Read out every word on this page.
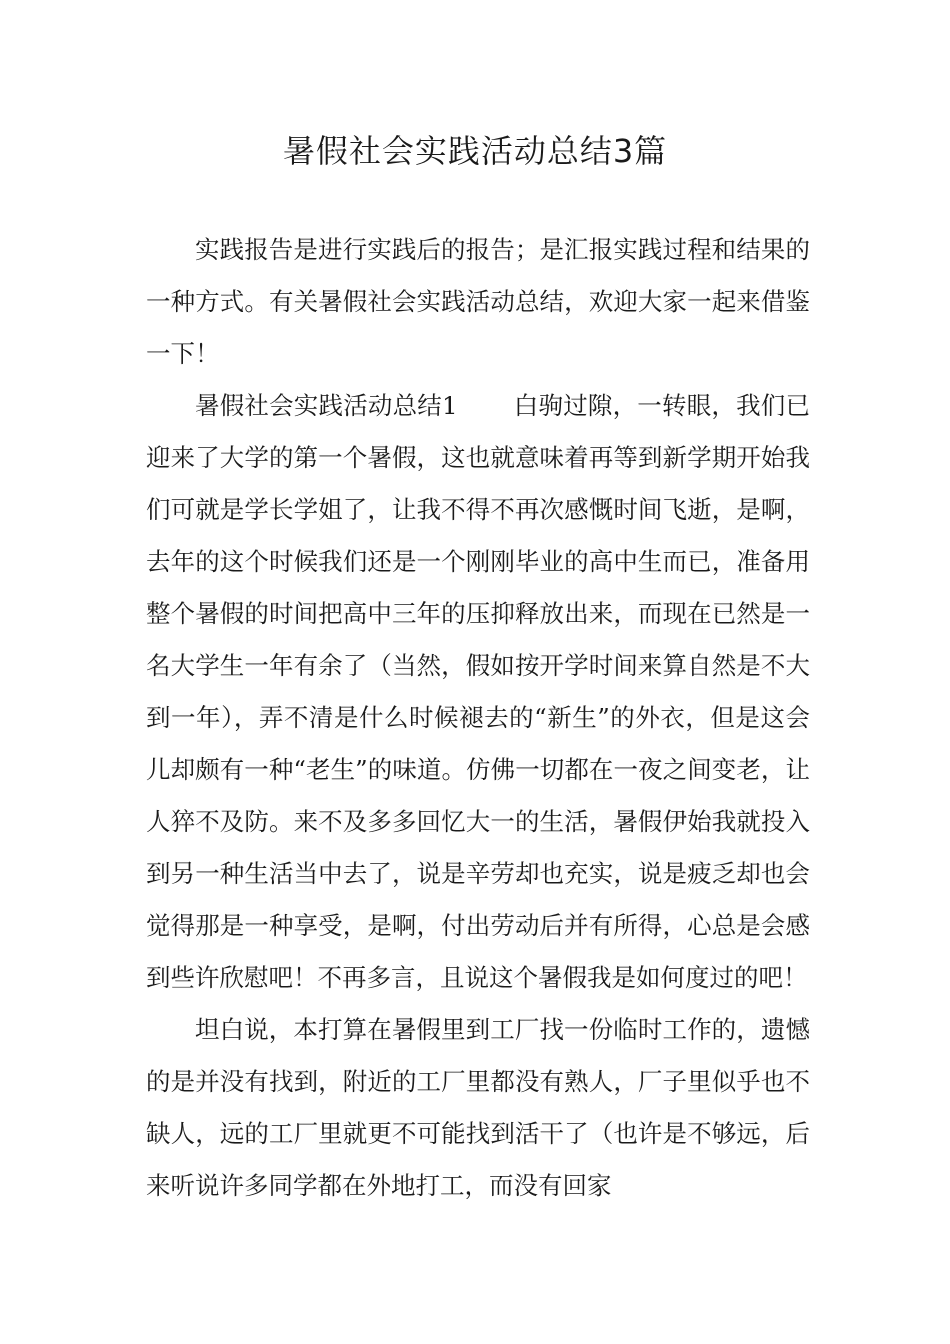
暑假社会实践活动总结3篇

实践报告是进行实践后的报告；是汇报实践过程和结果的一种方式。有关暑假社会实践活动总结，欢迎大家一起来借鉴一下！

暑假社会实践活动总结1 白驹过隙，一转眼，我们已迎来了大学的第一个暑假，这也就意味着再等到新学期开始我们可就是学长学姐了，让我不得不再次感慨时间飞逝，是啊，去年的这个时候我们还是一个刚刚毕业的高中生而已，准备用整个暑假的时间把高中三年的压抑释放出来，而现在已然是一名大学生一年有余了（当然，假如按开学时间来算自然是不大到一年），弄不清是什么时候褪去的“新生”的外衣，但是这会儿却颇有一种“老生”的味道。仿佛一切都在一夜之间变老，让人猝不及防。来不及多多回忆大一的生活，暑假伊始我就投入到另一种生活当中去了，说是辛劳却也充实，说是疲乏却也会觉得那是一种享受，是啊，付出劳动后并有所得，心总是会感到些许欣慰吧！不再多言，且说这个暑假我是如何度过的吧！

坦白说，本打算在暑假里到工厂找一份临时工作的，遗憾的是并没有找到，附近的工厂里都没有熟人，厂子里似乎也不缺人，远的工厂里就更不可能找到活干了（也许是不够远，后来听说许多同学都在外地打工，而没有回家
